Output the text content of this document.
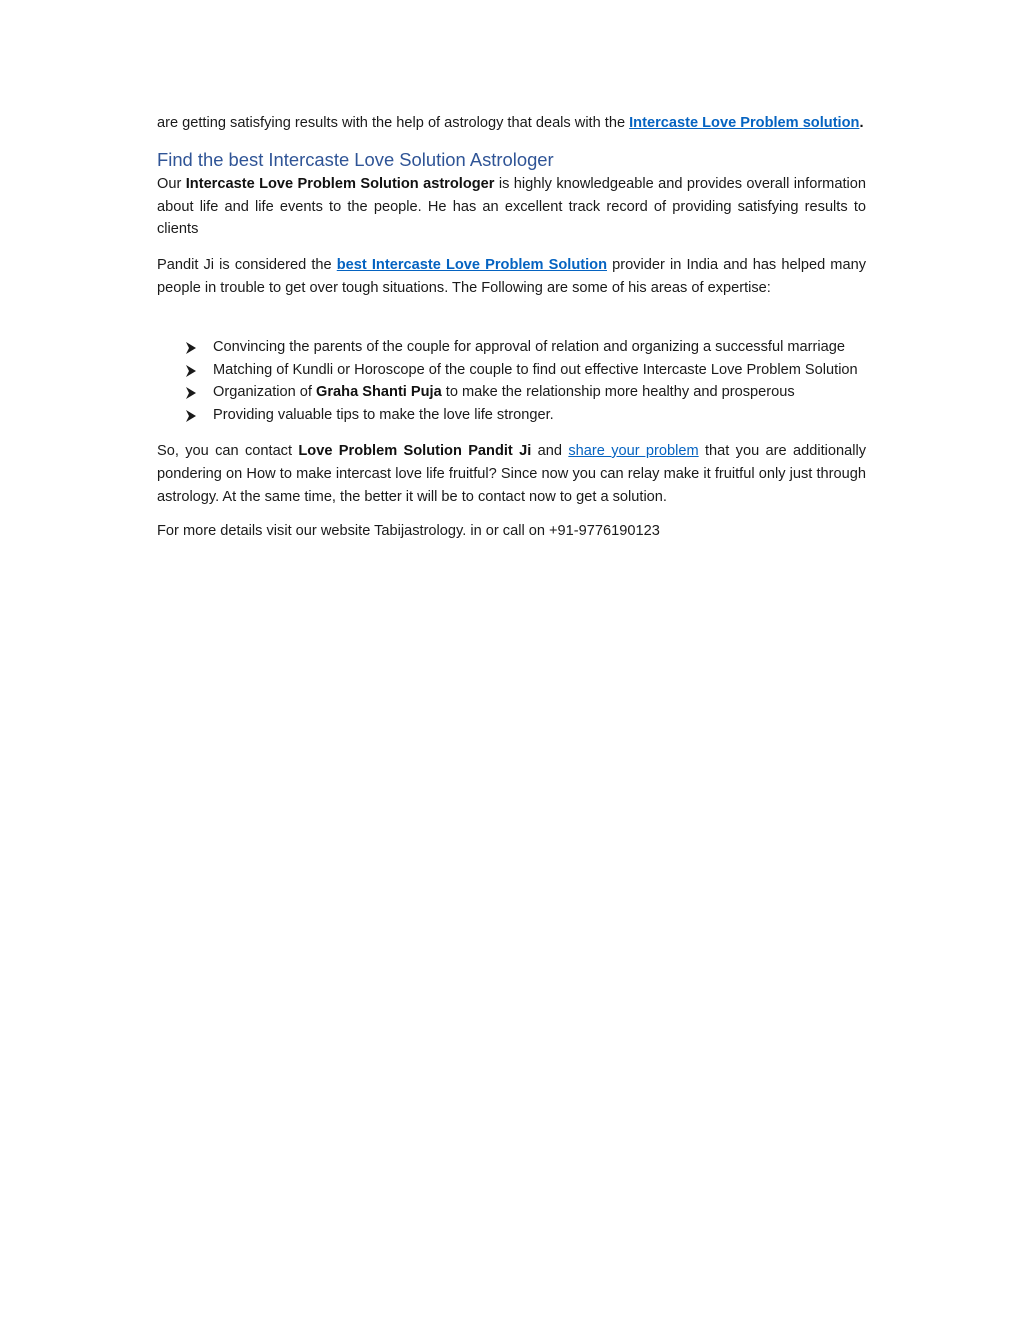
are getting satisfying results with the help of astrology that deals with the Intercaste Love Problem solution.

Find the best Intercaste Love Solution Astrologer

Our Intercaste Love Problem Solution astrologer is highly knowledgeable and provides overall information about life and life events to the people. He has an excellent track record of providing satisfying results to clients

Pandit Ji is considered the best Intercaste Love Problem Solution provider in India and has helped many people in trouble to get over tough situations. The Following are some of his areas of expertise:

Convincing the parents of the couple for approval of relation and organizing a successful marriage
Matching of Kundli or Horoscope of the couple to find out effective Intercaste Love Problem Solution
Organization of Graha Shanti Puja to make the relationship more healthy and prosperous
Providing valuable tips to make the love life stronger.

So, you can contact Love Problem Solution Pandit Ji and share your problem that you are additionally pondering on How to make intercast love life fruitful? Since now you can relay make it fruitful only just through astrology. At the same time, the better it will be to contact now to get a solution.

For more details visit our website Tabijastrology. in or call on +91-9776190123
